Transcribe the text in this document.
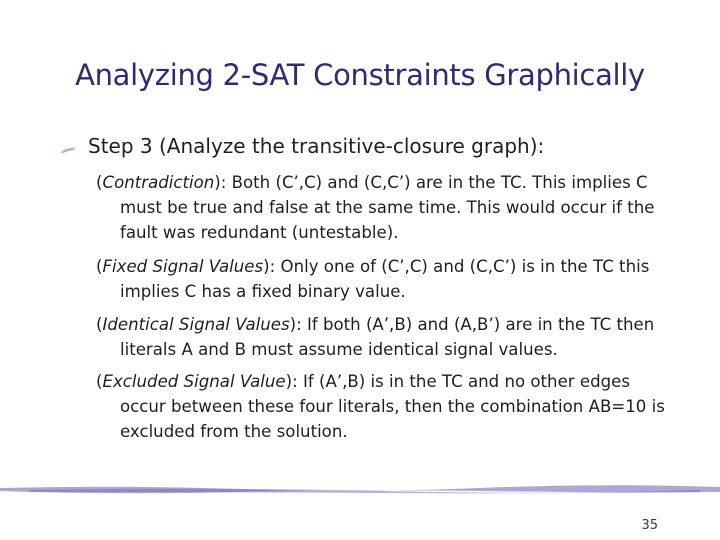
Analyzing 2-SAT Constraints Graphically
Step 3 (Analyze the transitive-closure graph):

(Contradiction): Both (C’,C) and (C,C’) are in the TC. This implies C must be true and false at the same time. This would occur if the fault was redundant (untestable).

(Fixed Signal Values): Only one of (C’,C) and (C,C’) is in the TC this implies C has a fixed binary value.

(Identical Signal Values): If both (A’,B) and (A,B’) are in the TC then literals A and B must assume identical signal values.

(Excluded Signal Value): If (A’,B) is in the TC and no other edges occur between these four literals, then the combination AB=10 is excluded from the solution.

35
